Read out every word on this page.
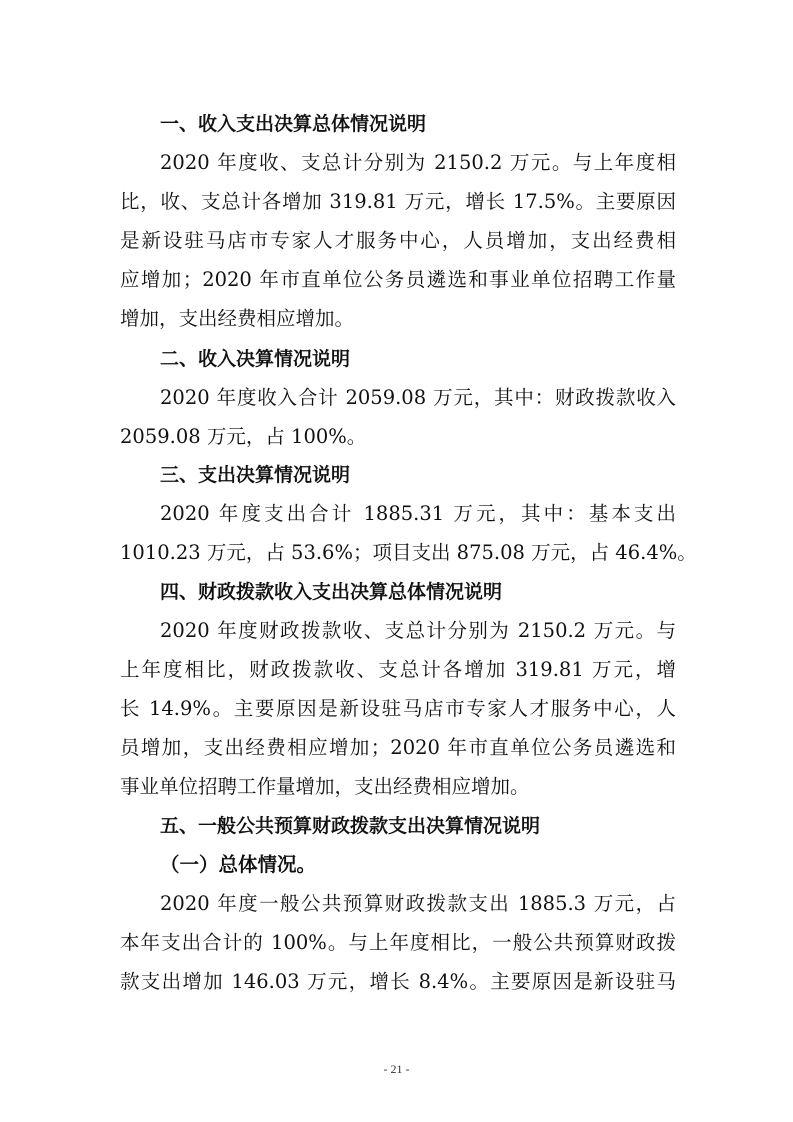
一、收入支出决算总体情况说明
2020 年度收、支总计分别为 2150.2 万元。与上年度相
比，收、支总计各增加 319.81 万元，增长 17.5%。主要原因
是新设驻马店市专家人才服务中心，人员增加，支出经费相
应增加；2020 年市直单位公务员遴选和事业单位招聘工作量
增加，支出经费相应增加。
二、收入决算情况说明
2020 年度收入合计 2059.08 万元，其中：财政拨款收入
2059.08 万元，占 100%。
三、支出决算情况说明
2020 年度支出合计 1885.31 万元，其中：基本支出
1010.23 万元，占 53.6%；项目支出 875.08 万元，占 46.4%。
四、财政拨款收入支出决算总体情况说明
2020 年度财政拨款收、支总计分别为 2150.2 万元。与
上年度相比，财政拨款收、支总计各增加 319.81 万元，增
长 14.9%。主要原因是新设驻马店市专家人才服务中心，人
员增加，支出经费相应增加；2020 年市直单位公务员遴选和
事业单位招聘工作量增加，支出经费相应增加。
五、一般公共预算财政拨款支出决算情况说明
（一）总体情况。
2020 年度一般公共预算财政拨款支出 1885.3 万元，占
本年支出合计的 100%。与上年度相比，一般公共预算财政拨
款支出增加 146.03 万元，增长 8.4%。主要原因是新设驻马
- 21 -
